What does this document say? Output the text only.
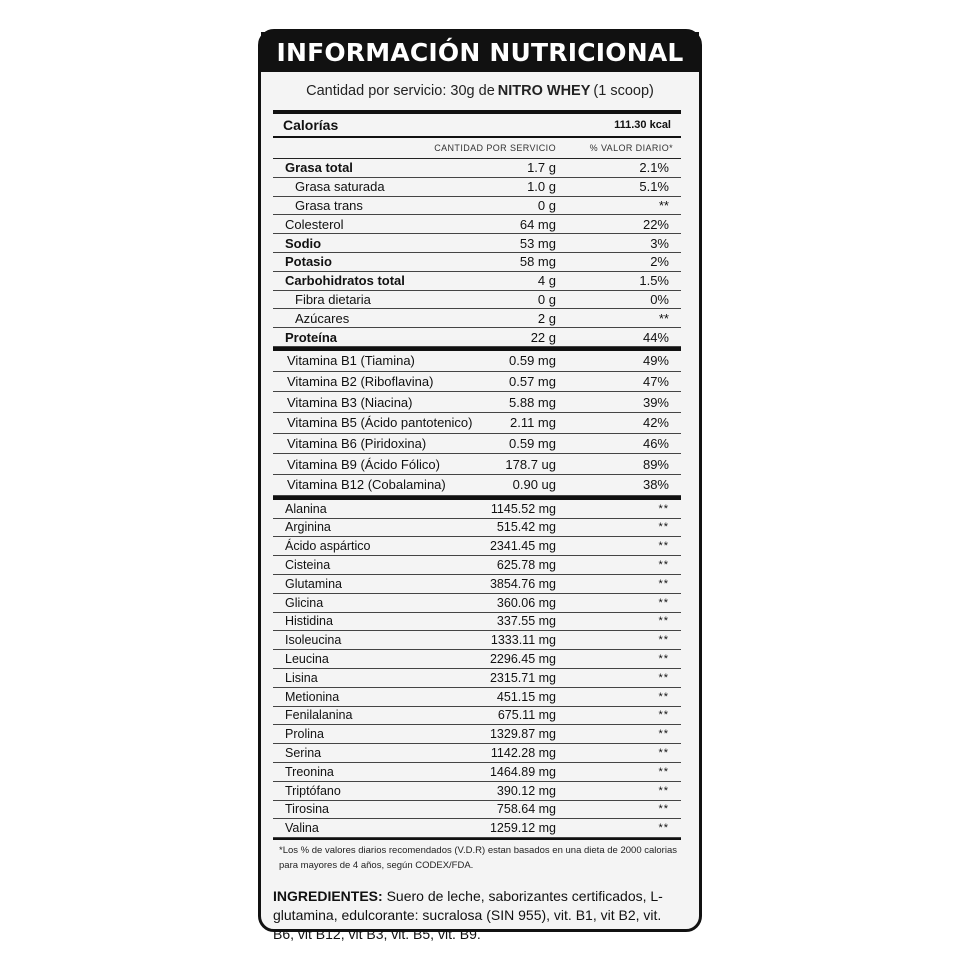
INFORMACIÓN NUTRICIONAL
Cantidad por servicio: 30g de NITRO WHEY (1 scoop)
Calorías	111.30 kcal
CANTIDAD POR SERVICIO	% VALOR DIARIO*
Grasa total	1.7 g	2.1%
Grasa saturada	1.0 g	5.1%
Grasa trans	0 g	**
Colesterol	64 mg	22%
Sodio	53 mg	3%
Potasio	58 mg	2%
Carbohidratos total	4 g	1.5%
Fibra dietaria	0 g	0%
Azúcares	2 g	**
Proteína	22 g	44%
Vitamina B1 (Tiamina)	0.59 mg	49%
Vitamina B2 (Riboflavina)	0.57 mg	47%
Vitamina B3 (Niacina)	5.88 mg	39%
Vitamina B5 (Ácido pantotenico)	2.11 mg	42%
Vitamina B6 (Piridoxina)	0.59 mg	46%
Vitamina B9 (Ácido Fólico)	178.7 ug	89%
Vitamina B12 (Cobalamina)	0.90 ug	38%
Alanina	1145.52 mg	**
Arginina	515.42 mg	**
Ácido aspártico	2341.45 mg	**
Cisteina	625.78 mg	**
Glutamina	3854.76 mg	**
Glicina	360.06 mg	**
Histidina	337.55 mg	**
Isoleucina	1333.11 mg	**
Leucina	2296.45 mg	**
Lisina	2315.71 mg	**
Metionina	451.15 mg	**
Fenilalanina	675.11 mg	**
Prolina	1329.87 mg	**
Serina	1142.28 mg	**
Treonina	1464.89 mg	**
Triptófano	390.12 mg	**
Tirosina	758.64 mg	**
Valina	1259.12 mg	**
*Los % de valores diarios recomendados (V.D.R) estan basados en una dieta de 2000 calorias para mayores de 4 años, según CODEX/FDA.
INGREDIENTES: Suero de leche, saborizantes certificados, L-glutamina, edulcorante: sucralosa (SIN 955), vit. B1, vit B2, vit. B6, vit B12, vit B3, vit. B5, vit. B9.
